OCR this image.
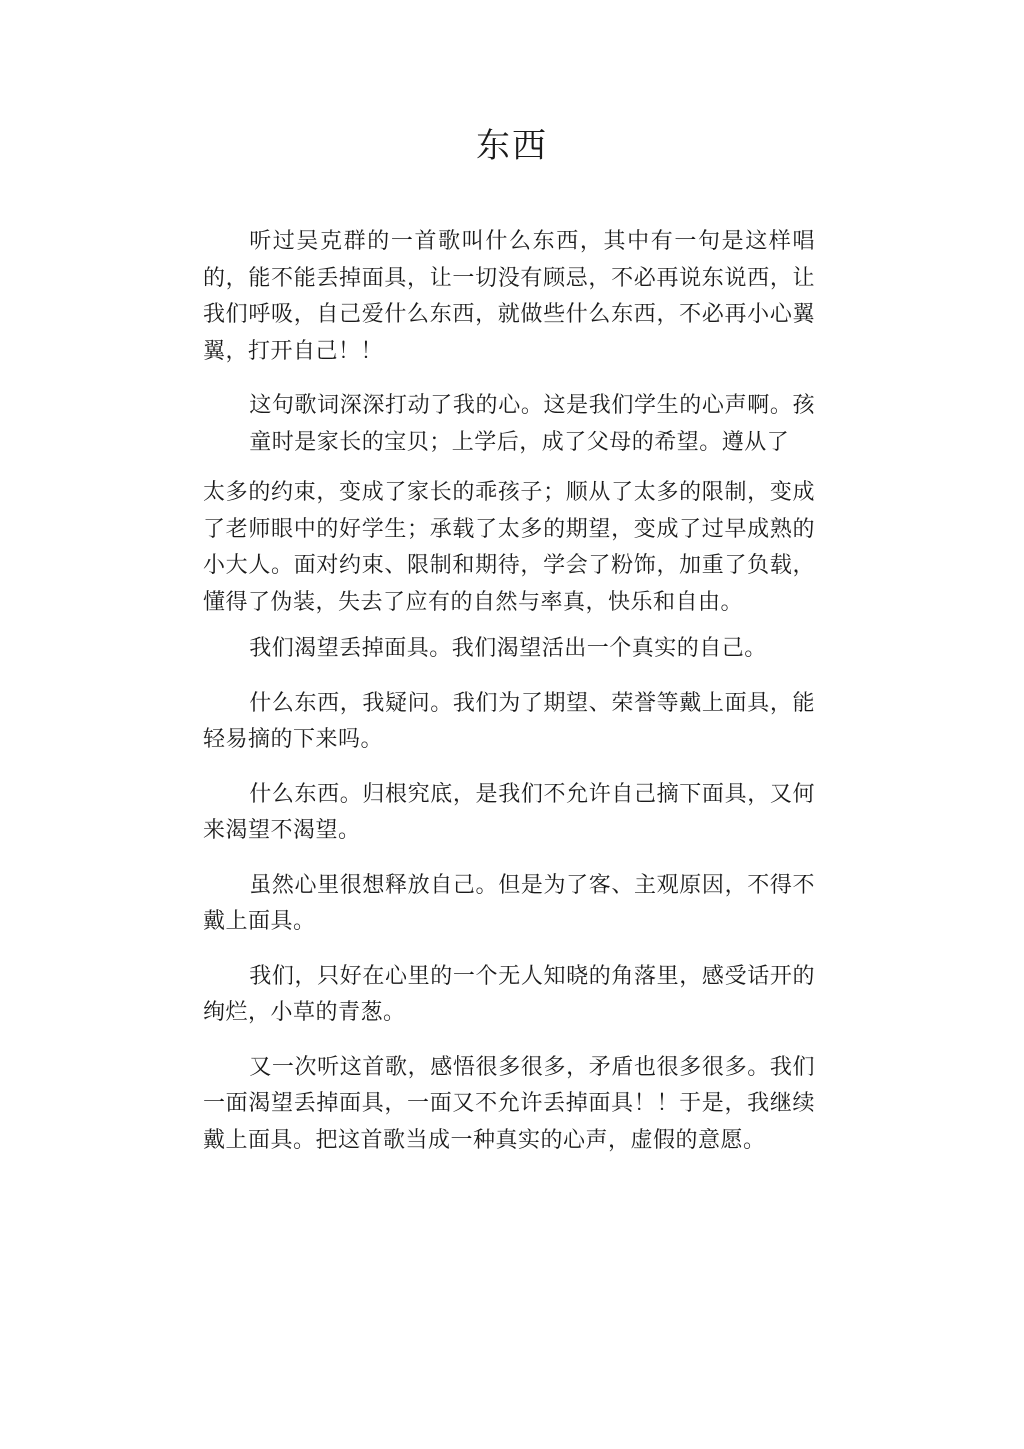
东西

听过吴克群的一首歌叫什么东西，其中有一句是这样唱的，能不能丢掉面具，让一切没有顾忌，不必再说东说西，让我们呼吸，自己爱什么东西，就做些什么东西，不必再小心翼翼，打开自己！！

这句歌词深深打动了我的心。这是我们学生的心声啊。孩童时是家长的宝贝；上学后，成了父母的希望。遵从了

太多的约束，变成了家长的乖孩子；顺从了太多的限制，变成了老师眼中的好学生；承载了太多的期望，变成了过早成熟的小大人。面对约束、限制和期待，学会了粉饰，加重了负载，懂得了伪装，失去了应有的自然与率真，快乐和自由。

我们渴望丢掉面具。我们渴望活出一个真实的自己。

什么东西，我疑问。我们为了期望、荣誉等戴上面具，能轻易摘的下来吗。

什么东西。归根究底，是我们不允许自己摘下面具，又何来渴望不渴望。

虽然心里很想释放自己。但是为了客、主观原因，不得不戴上面具。

我们，只好在心里的一个无人知晓的角落里，感受话开的绚烂，小草的青葱。

又一次听这首歌，感悟很多很多，矛盾也很多很多。我们一面渴望丢掉面具，一面又不允许丢掉面具！！于是，我继续戴上面具。把这首歌当成一种真实的心声，虚假的意愿。
